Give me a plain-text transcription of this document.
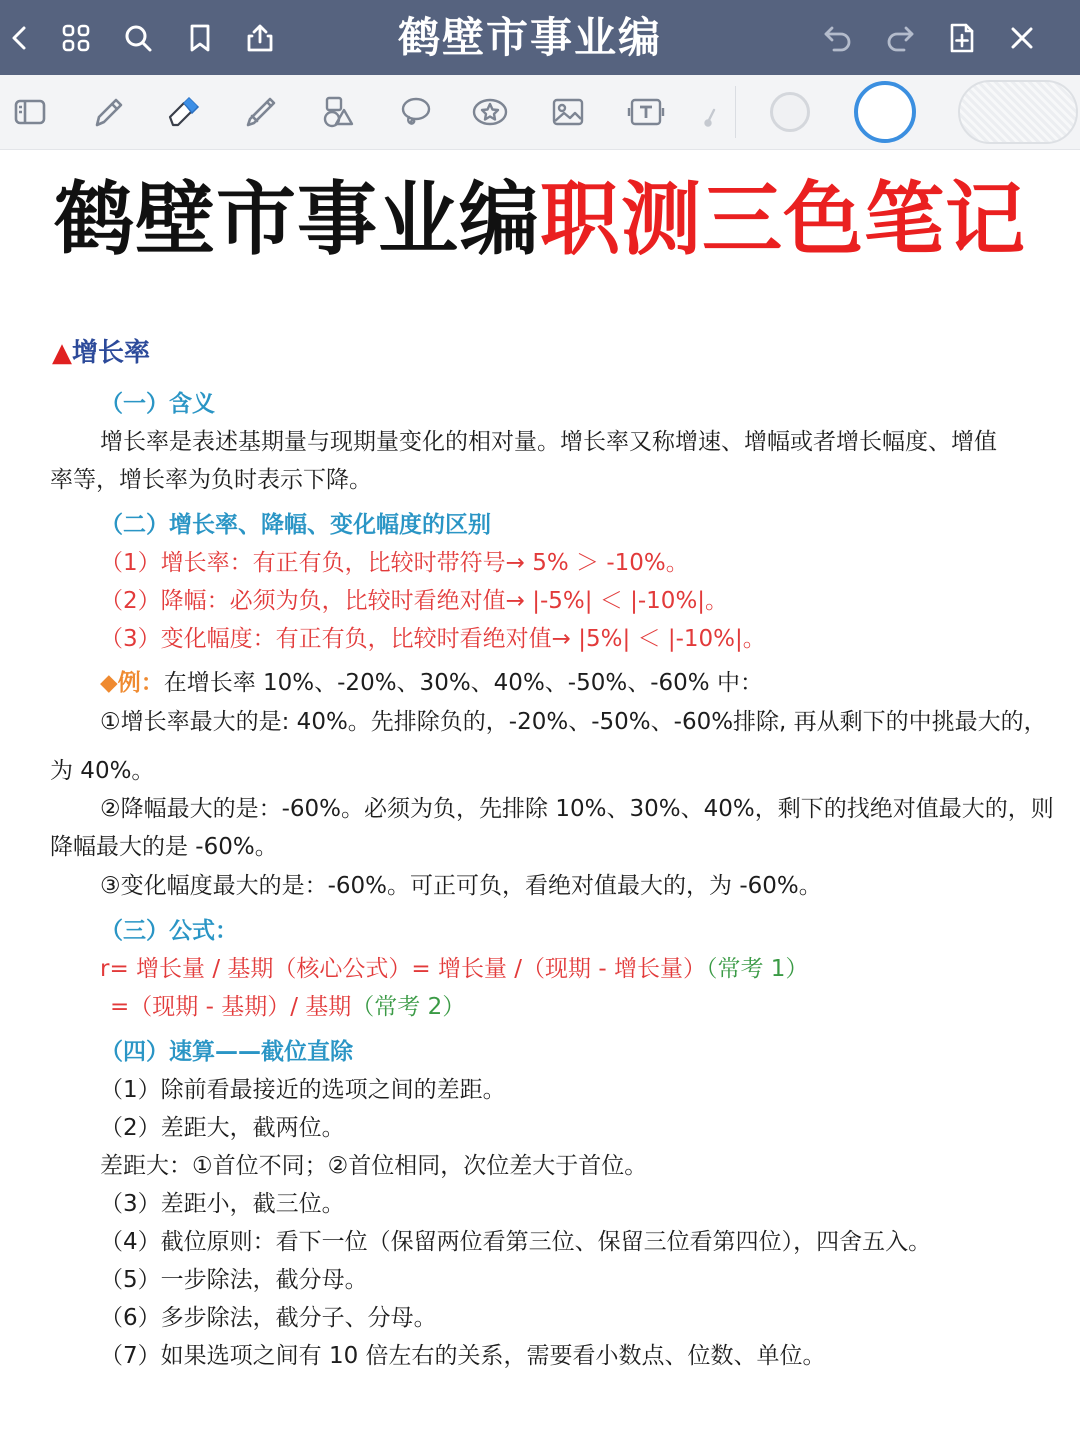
鹤壁市事业编
鹤壁市事业编职测三色笔记
▲增长率
（一）含义
增长率是表述基期量与现期量变化的相对量。增长率又称增速、增幅或者增长幅度、增值
率等，增长率为负时表示下降。
（二）增长率、降幅、变化幅度的区别
（1）增长率：有正有负，比较时带符号→ 5% ＞ -10%。
（2）降幅：必须为负，比较时看绝对值→ |-5%| ＜ |-10%|。
（3）变化幅度：有正有负，比较时看绝对值→ |5%| ＜ |-10%|。
◆例：在增长率 10%、-20%、30%、40%、-50%、-60% 中：
①增长率最大的是: 40%。先排除负的，-20%、-50%、-60%排除, 再从剩下的中挑最大的，
为 40%。
②降幅最大的是：-60%。必须为负，先排除 10%、30%、40%，剩下的找绝对值最大的，则
降幅最大的是 -60%。
③变化幅度最大的是：-60%。可正可负，看绝对值最大的，为 -60%。
（三）公式：
r= 增长量 / 基期（核心公式）= 增长量 /（现期 - 增长量）（常考 1）
=（现期 - 基期）/ 基期（常考 2）
（四）速算——截位直除
（1）除前看最接近的选项之间的差距。
（2）差距大，截两位。
差距大：①首位不同；②首位相同，次位差大于首位。
（3）差距小，截三位。
（4）截位原则：看下一位（保留两位看第三位、保留三位看第四位），四舍五入。
（5）一步除法，截分母。
（6）多步除法，截分子、分母。
（7）如果选项之间有 10 倍左右的关系，需要看小数点、位数、单位。
